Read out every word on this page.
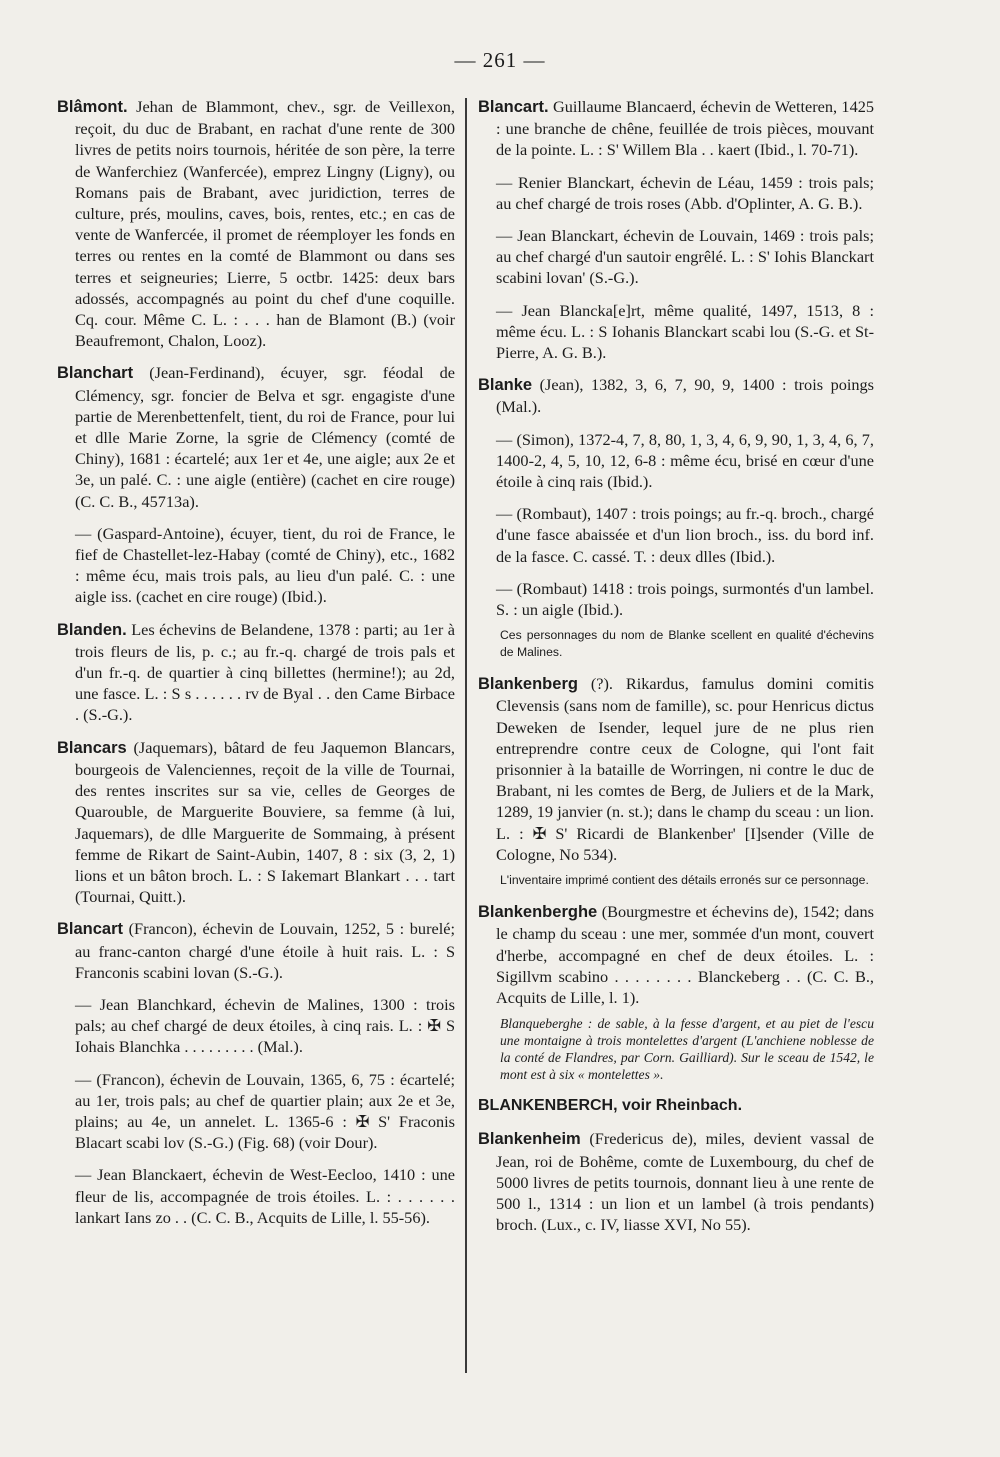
— 261 —

Blâmont. Jehan de Blammont, chev., sgr. de Veillexon, reçoit, du duc de Brabant, en rachat d'une rente de 300 livres de petits noirs tournois, héritée de son père, la terre de Wanferchiez (Wanfercée), emprez Lingny (Ligny), ou Romans pais de Brabant, avec juridiction, terres de culture, prés, moulins, caves, bois, rentes, etc.; en cas de vente de Wanfercée, il promet de réemployer les fonds en terres ou rentes en la comté de Blammont ou dans ses terres et seigneuries; Lierre, 5 octbr. 1425: deux bars adossés, accompagnés au point du chef d'une coquille. Cq. cour. Même C. L. : . . . han de Blamont (B.) (voir Beaufremont, Chalon, Looz).

Blanchart (Jean-Ferdinand), écuyer, sgr. féodal de Clémency, sgr. foncier de Belva et sgr. engagiste d'une partie de Merenbettenfelt, tient, du roi de France, pour lui et dlle Marie Zorne, la sgrie de Clémency (comté de Chiny), 1681 : écartelé; aux 1er et 4e, une aigle; aux 2e et 3e, un palé. C. : une aigle (entière) (cachet en cire rouge) (C. C. B., 45713a).

— (Gaspard-Antoine), écuyer, tient, du roi de France, le fief de Chastellet-lez-Habay (comté de Chiny), etc., 1682 : même écu, mais trois pals, au lieu d'un palé. C. : une aigle iss. (cachet en cire rouge) (Ibid.).

Blanden. Les échevins de Belandene, 1378 : parti; au 1er à trois fleurs de lis, p. c.; au fr.-q. chargé de trois pals et d'un fr.-q. de quartier à cinq billettes (hermine!); au 2d, une fasce. L. : S s . . . . . . rv de Byal . . den Came Birbace . (S.-G.).

Blancars (Jaquemars), bâtard de feu Jaquemon Blancars, bourgeois de Valenciennes, reçoit de la ville de Tournai, des rentes inscrites sur sa vie, celles de Georges de Quarouble, de Marguerite Bouviere, sa femme (à lui, Jaquemars), de dlle Marguerite de Sommaing, à présent femme de Rikart de Saint-Aubin, 1407, 8 : six (3, 2, 1) lions et un bâton broch. L. : S Iakemart Blankart . . . tart (Tournai, Quitt.).

Blancart (Francon), échevin de Louvain, 1252, 5 : burelé; au franc-canton chargé d'une étoile à huit rais. L. : S Franconis scabini lovan (S.-G.).

— Jean Blanchkard, échevin de Malines, 1300 : trois pals; au chef chargé de deux étoiles, à cinq rais. L. : ✠ S Iohais Blanchka . . . . . . . . . (Mal.).

— (Francon), échevin de Louvain, 1365, 6, 75 : écartelé; au 1er, trois pals; au chef de quartier plain; aux 2e et 3e, plains; au 4e, un annelet. L. 1365-6 : ✠ S' Fraconis Blacart scabi lov (S.-G.) (Fig. 68) (voir Dour).

— Jean Blanckaert, échevin de West-Eecloo, 1410 : une fleur de lis, accompagnée de trois étoiles. L. : . . . . . . lankart Ians zo . . (C. C. B., Acquits de Lille, l. 55-56).

Blancart. Guillaume Blancaerd, échevin de Wetteren, 1425 : une branche de chêne, feuillée de trois pièces, mouvant de la pointe. L. : S' Willem Bla . . kaert (Ibid., l. 70-71).

— Renier Blanckart, échevin de Léau, 1459 : trois pals; au chef chargé de trois roses (Abb. d'Oplinter, A. G. B.).

— Jean Blanckart, échevin de Louvain, 1469 : trois pals; au chef chargé d'un sautoir engrêlé. L. : S' Iohis Blanckart scabini lovan' (S.-G.).

— Jean Blancka[e]rt, même qualité, 1497, 1513, 8 : même écu. L. : S Iohanis Blanckart scabi lou (S.-G. et St-Pierre, A. G. B.).

Blanke (Jean), 1382, 3, 6, 7, 90, 9, 1400 : trois poings (Mal.).

— (Simon), 1372-4, 7, 8, 80, 1, 3, 4, 6, 9, 90, 1, 3, 4, 6, 7, 1400-2, 4, 5, 10, 12, 6-8 : même écu, brisé en cœur d'une étoile à cinq rais (Ibid.).

— (Rombaut), 1407 : trois poings; au fr.-q. broch., chargé d'une fasce abaissée et d'un lion broch., iss. du bord inf. de la fasce. C. cassé. T. : deux dlles (Ibid.).

— (Rombaut) 1418 : trois poings, surmontés d'un lambel. S. : un aigle (Ibid.).

Ces personnages du nom de Blanke scellent en qualité d'échevins de Malines.

Blankenberg (?). Rikardus, famulus domini comitis Clevensis (sans nom de famille), sc. pour Henricus dictus Deweken de Isender, lequel jure de ne plus rien entreprendre contre ceux de Cologne, qui l'ont fait prisonnier à la bataille de Worringen, ni contre le duc de Brabant, ni les comtes de Berg, de Juliers et de la Mark, 1289, 19 janvier (n. st.); dans le champ du sceau : un lion. L. : ✠ S' Ricardi de Blankenber' [I]sender (Ville de Cologne, No 534).

L'inventaire imprimé contient des détails erronés sur ce personnage.

Blankenberghe (Bourgmestre et échevins de), 1542; dans le champ du sceau : une mer, sommée d'un mont, couvert d'herbe, accompagné en chef de deux étoiles. L. : Sigillvm scabino . . . . . . . . Blanckeberg . . (C. C. B., Acquits de Lille, l. 1).

Blanqueberghe : de sable, à la fesse d'argent, et au piet de l'escu une montaigne à trois montelettes d'argent (L'anchiene noblesse de la conté de Flandres, par Corn. Gailliard). Sur le sceau de 1542, le mont est à six « montelettes ».

BLANKENBERCH, voir Rheinbach.

Blankenheim (Fredericus de), miles, devient vassal de Jean, roi de Bohême, comte de Luxembourg, du chef de 5000 livres de petits tournois, donnant lieu à une rente de 500 l., 1314 : un lion et un lambel (à trois pendants) broch. (Lux., c. IV, liasse XVI, No 55).
